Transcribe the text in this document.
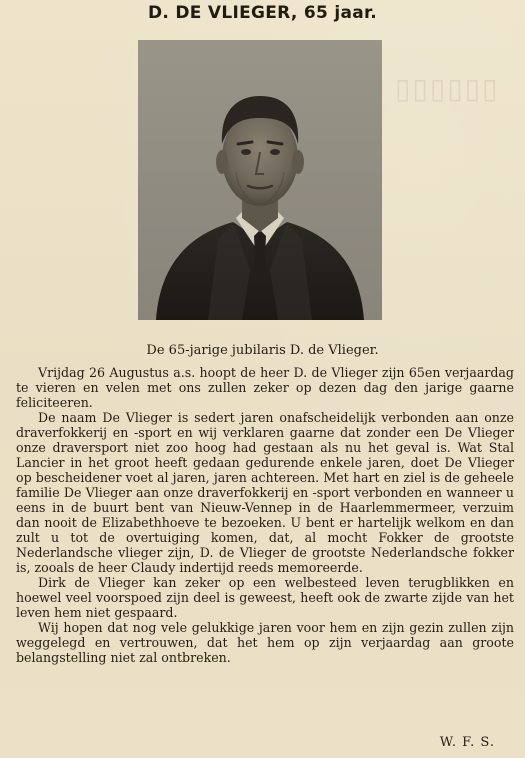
▯▯▯▯▯▯
D. DE VLIEGER, 65 jaar.
De 65-jarige jubilaris D. de Vlieger.

Vrijdag 26 Augustus a.s. hoopt de heer D. de Vlieger zijn 65en verjaardag te vieren en velen met ons zullen zeker op dezen dag den jarige gaarne feliciteeren.

De naam De Vlieger is sedert jaren onafscheidelijk verbonden aan onze draverfokkerij en -sport en wij verklaren gaarne dat zonder een De Vlieger onze draversport niet zoo hoog had gestaan als nu het geval is. Wat Stal Lancier in het groot heeft gedaan gedurende enkele jaren, doet De Vlieger op bescheidener voet al jaren, jaren achtereen. Met hart en ziel is de geheele familie De Vlieger aan onze draverfokkerij en -sport verbonden en wanneer u eens in de buurt bent van Nieuw-Vennep in de Haarlemmermeer, verzuim dan nooit de Elizabethhoeve te bezoeken. U bent er hartelijk welkom en dan zult u tot de overtuiging komen, dat, al mocht Fokker de grootste Nederlandsche vlieger zijn, D. de Vlieger de grootste Nederlandsche fokker is, zooals de heer Claudy indertijd reeds memoreerde.

Dirk de Vlieger kan zeker op een welbesteed leven terugblikken en hoewel veel voorspoed zijn deel is geweest, heeft ook de zwarte zijde van het leven hem niet gespaard.

Wij hopen dat nog vele gelukkige jaren voor hem en zijn gezin zullen zijn weggelegd en vertrouwen, dat het hem op zijn verjaardag aan groote belangstelling niet zal ontbreken.

W. F. S.
